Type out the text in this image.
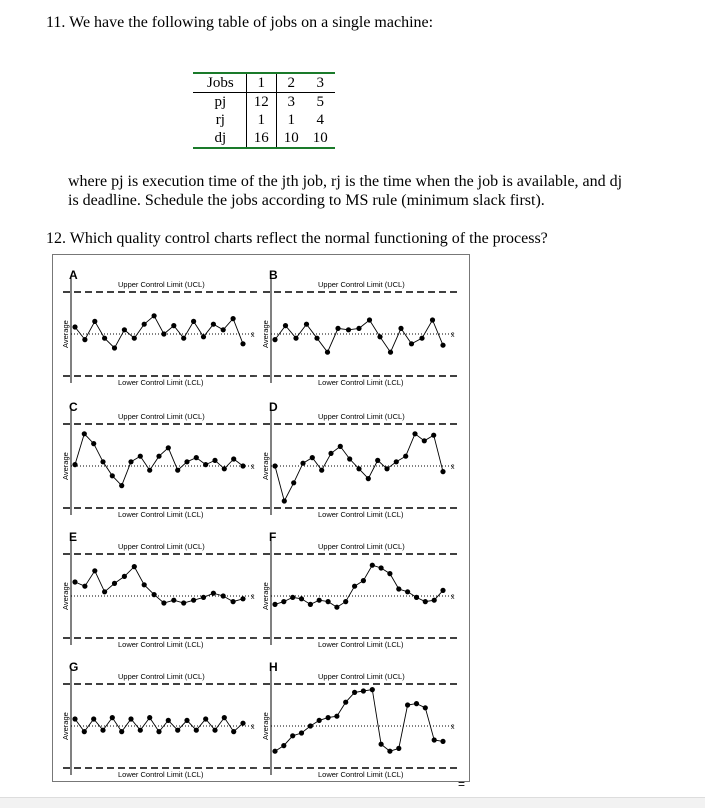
11. We have the following table of jobs on a single machine:
Jobs	1	2	3
pj	12	3	5
rj	1	1	4
dj	16	10	10
where pj is execution time of the jth job, rj is the time when the job is available, and dj
is deadline. Schedule the jobs according to MS rule (minimum slack first).
12. Which quality control charts reflect the normal functioning of the process?
A
Upper Control Limit (UCL)
Lower Control Limit (LCL)
Average	x̄
B
Upper Control Limit (UCL)
Lower Control Limit (LCL)
Average	x̄
C
Upper Control Limit (UCL)
Lower Control Limit (LCL)
Average	x̄
D
Upper Control Limit (UCL)
Lower Control Limit (LCL)
Average	x̄
E
Upper Control Limit (UCL)
Lower Control Limit (LCL)
Average	x̄
F
Upper Control Limit (UCL)
Lower Control Limit (LCL)
Average	x̄
G
Upper Control Limit (UCL)
Lower Control Limit (LCL)
Average	x̄
H
Upper Control Limit (UCL)
Lower Control Limit (LCL)
Average	x̄
=
